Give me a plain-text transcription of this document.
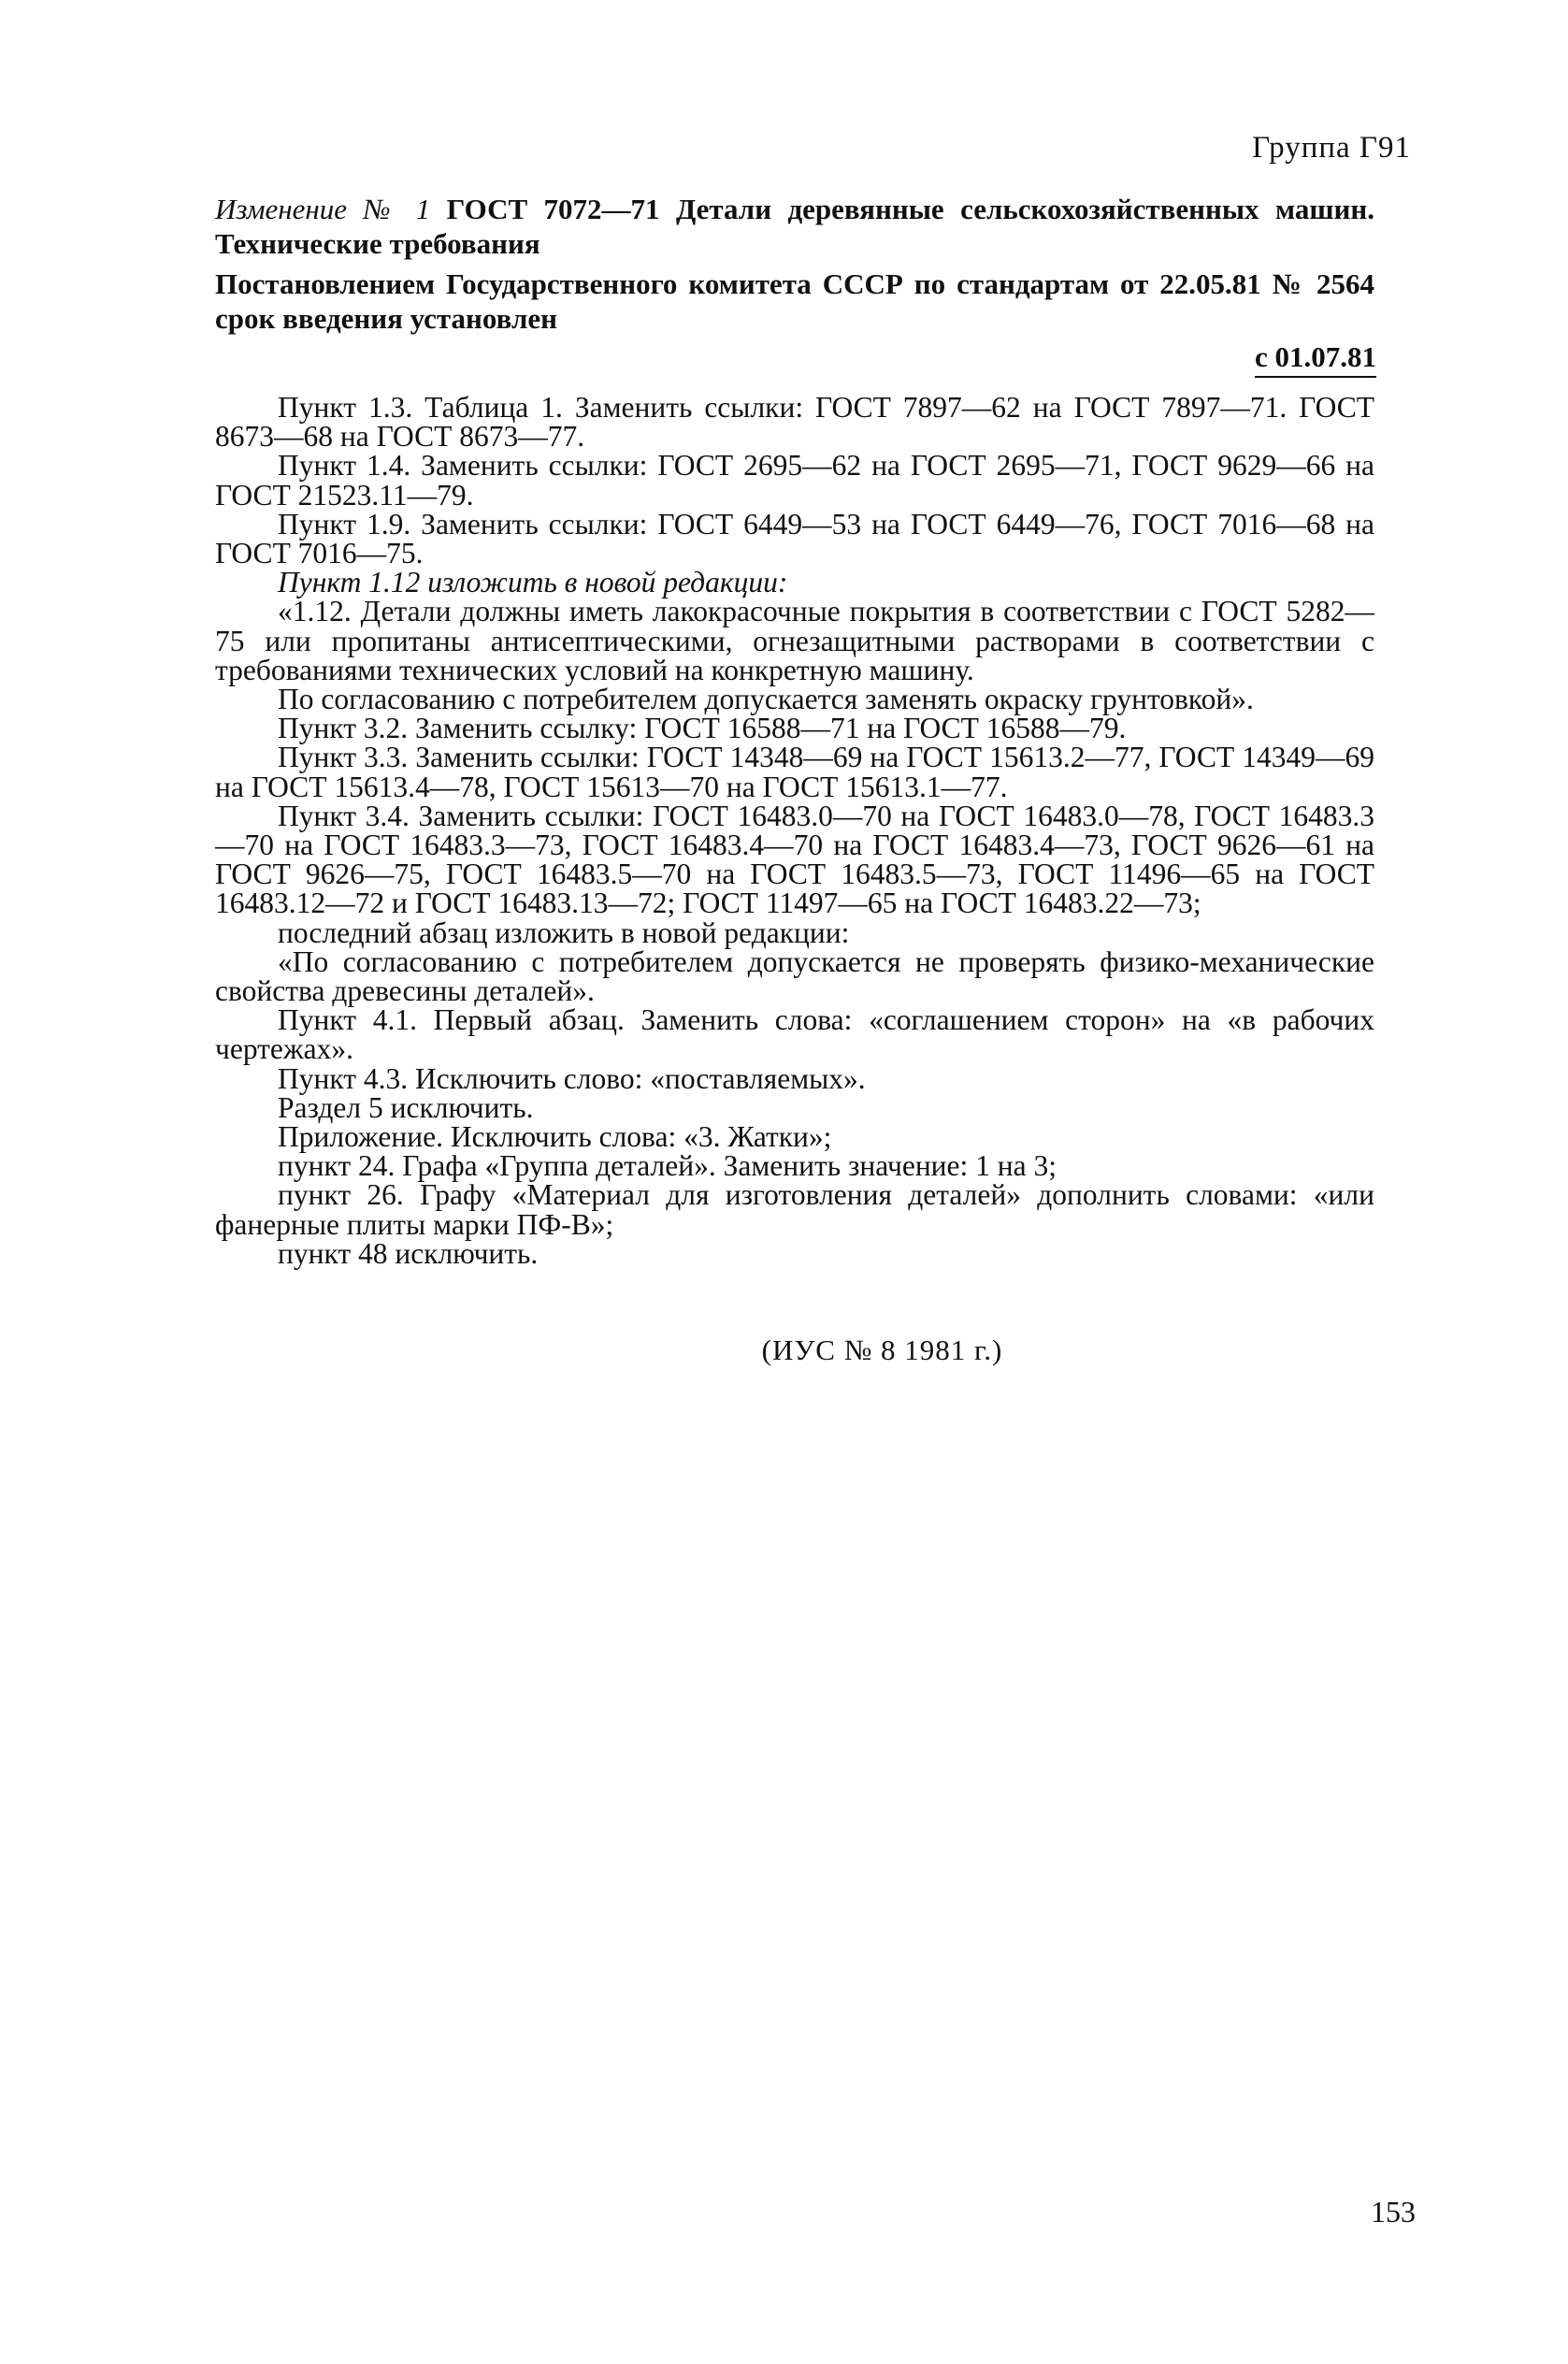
Группа Г91
Изменение № 1 ГОСТ 7072—71 Детали деревянные сельскохозяйственных машин. Технические требования
Постановлением Государственного комитета СССР по стандартам от 22.05.81 № 2564 срок введения установлен
с 01.07.81

Пункт 1.3. Таблица 1. Заменить ссылки: ГОСТ 7897—62 на ГОСТ 7897—71. ГОСТ 8673—68 на ГОСТ 8673—77.

Пункт 1.4. Заменить ссылки: ГОСТ 2695—62 на ГОСТ 2695—71, ГОСТ 9629—66 на ГОСТ 21523.11—79.

Пункт 1.9. Заменить ссылки: ГОСТ 6449—53 на ГОСТ 6449—76, ГОСТ 7016—68 на ГОСТ 7016—75.

Пункт 1.12 изложить в новой редакции:

«1.12. Детали должны иметь лакокрасочные покрытия в соответствии с ГОСТ 5282—75 или пропитаны антисептическими, огнезащитными растворами в соответствии с требованиями технических условий на конкретную машину.

По согласованию с потребителем допускается заменять окраску грунтовкой».

Пункт 3.2. Заменить ссылку: ГОСТ 16588—71 на ГОСТ 16588—79.

Пункт 3.3. Заменить ссылки: ГОСТ 14348—69 на ГОСТ 15613.2—77, ГОСТ 14349—69 на ГОСТ 15613.4—78, ГОСТ 15613—70 на ГОСТ 15613.1—77.

Пункт 3.4. Заменить ссылки: ГОСТ 16483.0—70 на ГОСТ 16483.0—78, ГОСТ 16483.3—70 на ГОСТ 16483.3—73, ГОСТ 16483.4—70 на ГОСТ 16483.4—73, ГОСТ 9626—61 на ГОСТ 9626—75, ГОСТ 16483.5—70 на ГОСТ 16483.5—73, ГОСТ 11496—65 на ГОСТ 16483.12—72 и ГОСТ 16483.13—72; ГОСТ 11497—65 на ГОСТ 16483.22—73;

последний абзац изложить в новой редакции:

«По согласованию с потребителем допускается не проверять физико-механические свойства древесины деталей».

Пункт 4.1. Первый абзац. Заменить слова: «соглашением сторон» на «в рабочих чертежах».

Пункт 4.3. Исключить слово: «поставляемых».

Раздел 5 исключить.

Приложение. Исключить слова: «3. Жатки»;

пункт 24. Графа «Группа деталей». Заменить значение: 1 на 3;

пункт 26. Графу «Материал для изготовления деталей» дополнить словами: «или фанерные плиты марки ПФ-В»;

пункт 48 исключить.

(ИУС № 8 1981 г.)
153
